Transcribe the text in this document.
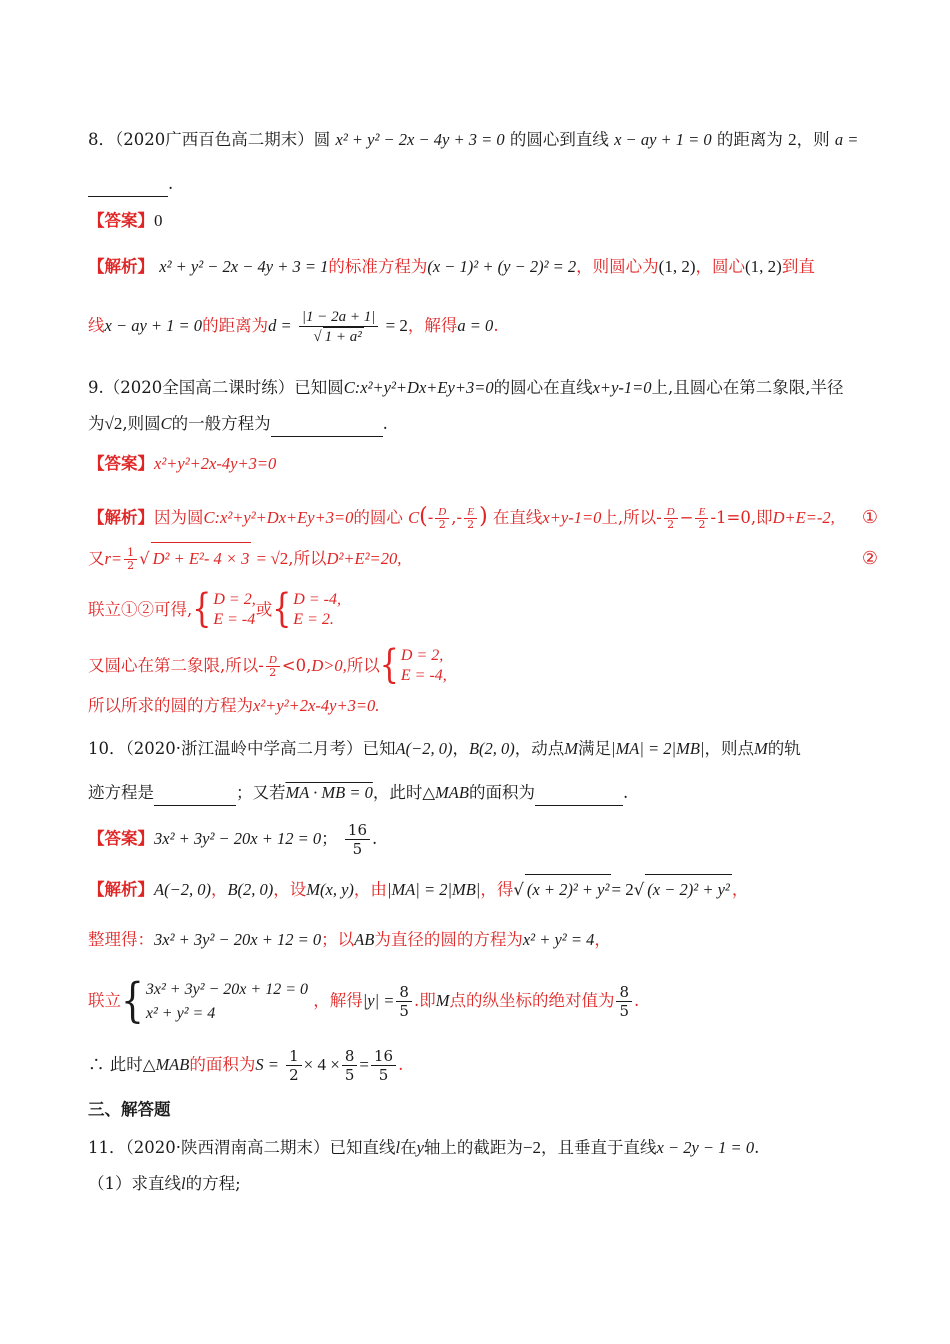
8．（2020广西百色高二期末）圆 x² + y² − 2x − 4y + 3 = 0 的圆心到直线 x − ay + 1 = 0 的距离为 2，则 a =
.
【答案】0
【解析】 x² + y² − 2x − 4y + 3 = 1的标准方程为(x − 1)² + (y − 2)² = 2，则圆心为(1, 2)，圆心(1, 2)到直
线x − ay + 1 = 0的距离为$d = \frac{|1 - 2a + 1|}{\text{√ 1 + a²}} = 2$，解得a = 0.
9.（2020全国高二课时练）已知圆C:x²+y²+Dx+Ey+3=0的圆心在直线x+y-1=0上,且圆心在第二象限,半径
为√2,则圆C的一般方程为	.
【答案】x²+y²+2x-4y+3=0
【解析】因为圆C:x²+y²+Dx+Ey+3=0的圆心 $C(- \frac{D}{2}$ ,- $\frac{E}{2}$ ) 在直线x+y-1=0上,所以- $\frac{D}{2} - \frac{E}{2} -1=0$,即D+E=-2, ①
又$r= \frac{1}{2}$ √ D² + E²- 4 × 3 = √2,所以D²+E²=20,	②
联立①②可得,{ D = 2,
E = -4
或{ D = -4,
E = 2.
又圆心在第二象限,所以- $\frac{D}{2} <0,D>0$,所以{ D = 2,
E = -4,
所以所求的圆的方程为x²+y²+2x-4y+3=0.
10．（2020·浙江温岭中学高二月考）已知A(−2, 0)，B(2, 0)，动点M满足|MA| = 2|MB|，则点M的轨
迹方程是	；又若MA · MB = 0，此时△MAB的面积为	.
【答案】3x² + 3y² − 20x + 12 = 0； $\frac{16}{5}$ .
【解析】A(−2, 0)，B(2, 0)，设M(x, y)，由|MA| = 2|MB|，得√ (x + 2)² + y² = 2√ (x − 2)² + y² ，
整理得：3x² + 3y² − 20x + 12 = 0；以AB为直径的圆的方程为x² + y² = 4，
联立{ 3x² + 3y² − 20x + 12 = 0
x² + y² = 4
，解得$|y| = \frac{8}{5}$ .即M点的纵坐标的绝对值为 $\frac{8}{5}$ .
∴ 此时△MAB的面积为$S = \frac{1}{2} \times 4 \times \frac{8}{5} = \frac{16}{5}$ .
三、解答题
11．（2020·陕西渭南高二期末）已知直线l在y轴上的截距为−2，且垂直于直线x − 2y − 1 = 0.
（1）求直线l的方程;
